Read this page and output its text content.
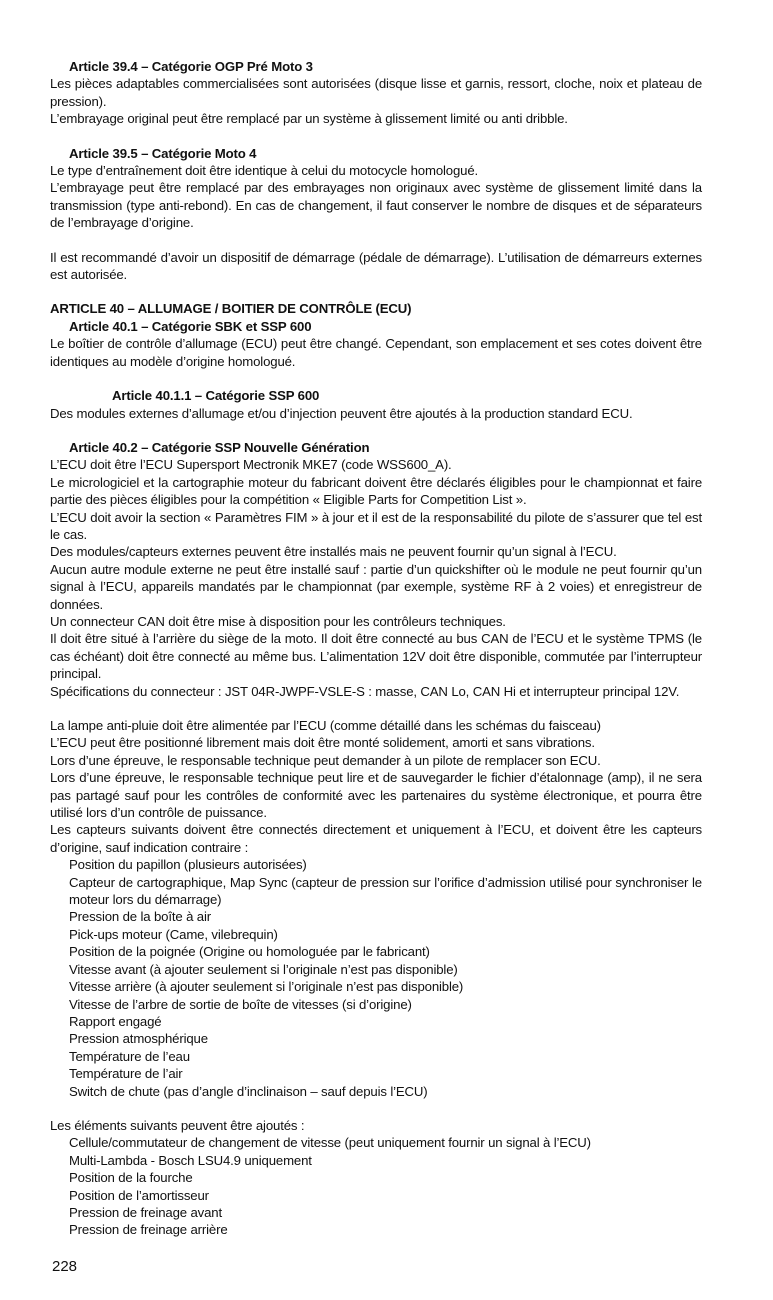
Article 39.4 – Catégorie OGP Pré Moto 3

Les pièces adaptables commercialisées sont autorisées (disque lisse et garnis, ressort, cloche, noix et plateau de pression).

L’embrayage original peut être remplacé par un système à glissement limité ou anti dribble.

Article 39.5 – Catégorie Moto 4

Le type d’entraînement doit être identique à celui du motocycle homologué.

L’embrayage peut être remplacé par des embrayages non originaux avec système de glissement limité dans la transmission (type anti-rebond). En cas de changement, il faut conserver le nombre de disques et de séparateurs de l’embrayage d’origine.

Il est recommandé d’avoir un dispositif de démarrage (pédale de démarrage). L’utilisation de démarreurs externes est autorisée.

ARTICLE 40 – ALLUMAGE / BOITIER DE CONTRÔLE (ECU)

Article 40.1 – Catégorie SBK et SSP 600

Le boîtier de contrôle d’allumage (ECU) peut être changé. Cependant, son emplacement et ses cotes doivent être identiques au modèle d’origine homologué.

Article 40.1.1 – Catégorie SSP 600

Des modules externes d’allumage et/ou d’injection peuvent être ajoutés à la production standard ECU.

Article 40.2 – Catégorie SSP Nouvelle Génération

L’ECU doit être l’ECU Supersport Mectronik MKE7 (code WSS600_A).

Le micrologiciel et la cartographie moteur du fabricant doivent être déclarés éligibles pour le championnat et faire partie des pièces éligibles pour la compétition « Eligible Parts for Competition List ».

L’ECU doit avoir la section « Paramètres FIM » à jour et il est de la responsabilité du pilote de s’assurer que tel est le cas.

Des modules/capteurs externes peuvent être installés mais ne peuvent fournir qu’un signal à l’ECU.

Aucun autre module externe ne peut être installé sauf : partie d’un quickshifter où le module ne peut fournir qu’un signal à l’ECU, appareils mandatés par le championnat (par exemple, système RF à 2 voies) et enregistreur de données.

Un connecteur CAN doit être mise à disposition pour les contrôleurs techniques.

Il doit être situé à l’arrière du siège de la moto. Il doit être connecté au bus CAN de l’ECU et le système TPMS (le cas échéant) doit être connecté au même bus. L’alimentation 12V doit être disponible, commutée par l’interrupteur principal.

Spécifications du connecteur : JST 04R-JWPF-VSLE-S : masse, CAN Lo, CAN Hi et interrupteur principal 12V.

La lampe anti-pluie doit être alimentée par l’ECU (comme détaillé dans les schémas du faisceau)

L’ECU peut être positionné librement mais doit être monté solidement, amorti et sans vibrations.

Lors d’une épreuve, le responsable technique peut demander à un pilote de remplacer son ECU.

Lors d’une épreuve, le responsable technique peut lire et de sauvegarder le fichier d’étalonnage (amp), il ne sera pas partagé sauf pour les contrôles de conformité avec les partenaires du système électronique, et pourra être utilisé lors d’un contrôle de puissance.

Les capteurs suivants doivent être connectés directement et uniquement à l’ECU, et doivent être les capteurs d’origine, sauf indication contraire :

Position du papillon (plusieurs autorisées)
Capteur de cartographique, Map Sync (capteur de pression sur l’orifice d’admission utilisé pour synchroniser le moteur lors du démarrage)
Pression de la boîte à air
Pick-ups moteur (Came, vilebrequin)
Position de la poignée (Origine ou homologuée par le fabricant)
Vitesse avant (à ajouter seulement si l’originale n’est pas disponible)
Vitesse arrière (à ajouter seulement si l’originale n’est pas disponible)
Vitesse de l’arbre de sortie de boîte de vitesses (si d’origine)
Rapport engagé
Pression atmosphérique
Température de l’eau
Température de l’air
Switch de chute (pas d’angle d’inclinaison – sauf depuis l’ECU)

Les éléments suivants peuvent être ajoutés :

Cellule/commutateur de changement de vitesse (peut uniquement fournir un signal à l’ECU)
Multi-Lambda - Bosch LSU4.9 uniquement
Position de la fourche
Position de l’amortisseur
Pression de freinage avant
Pression de freinage arrière
228
